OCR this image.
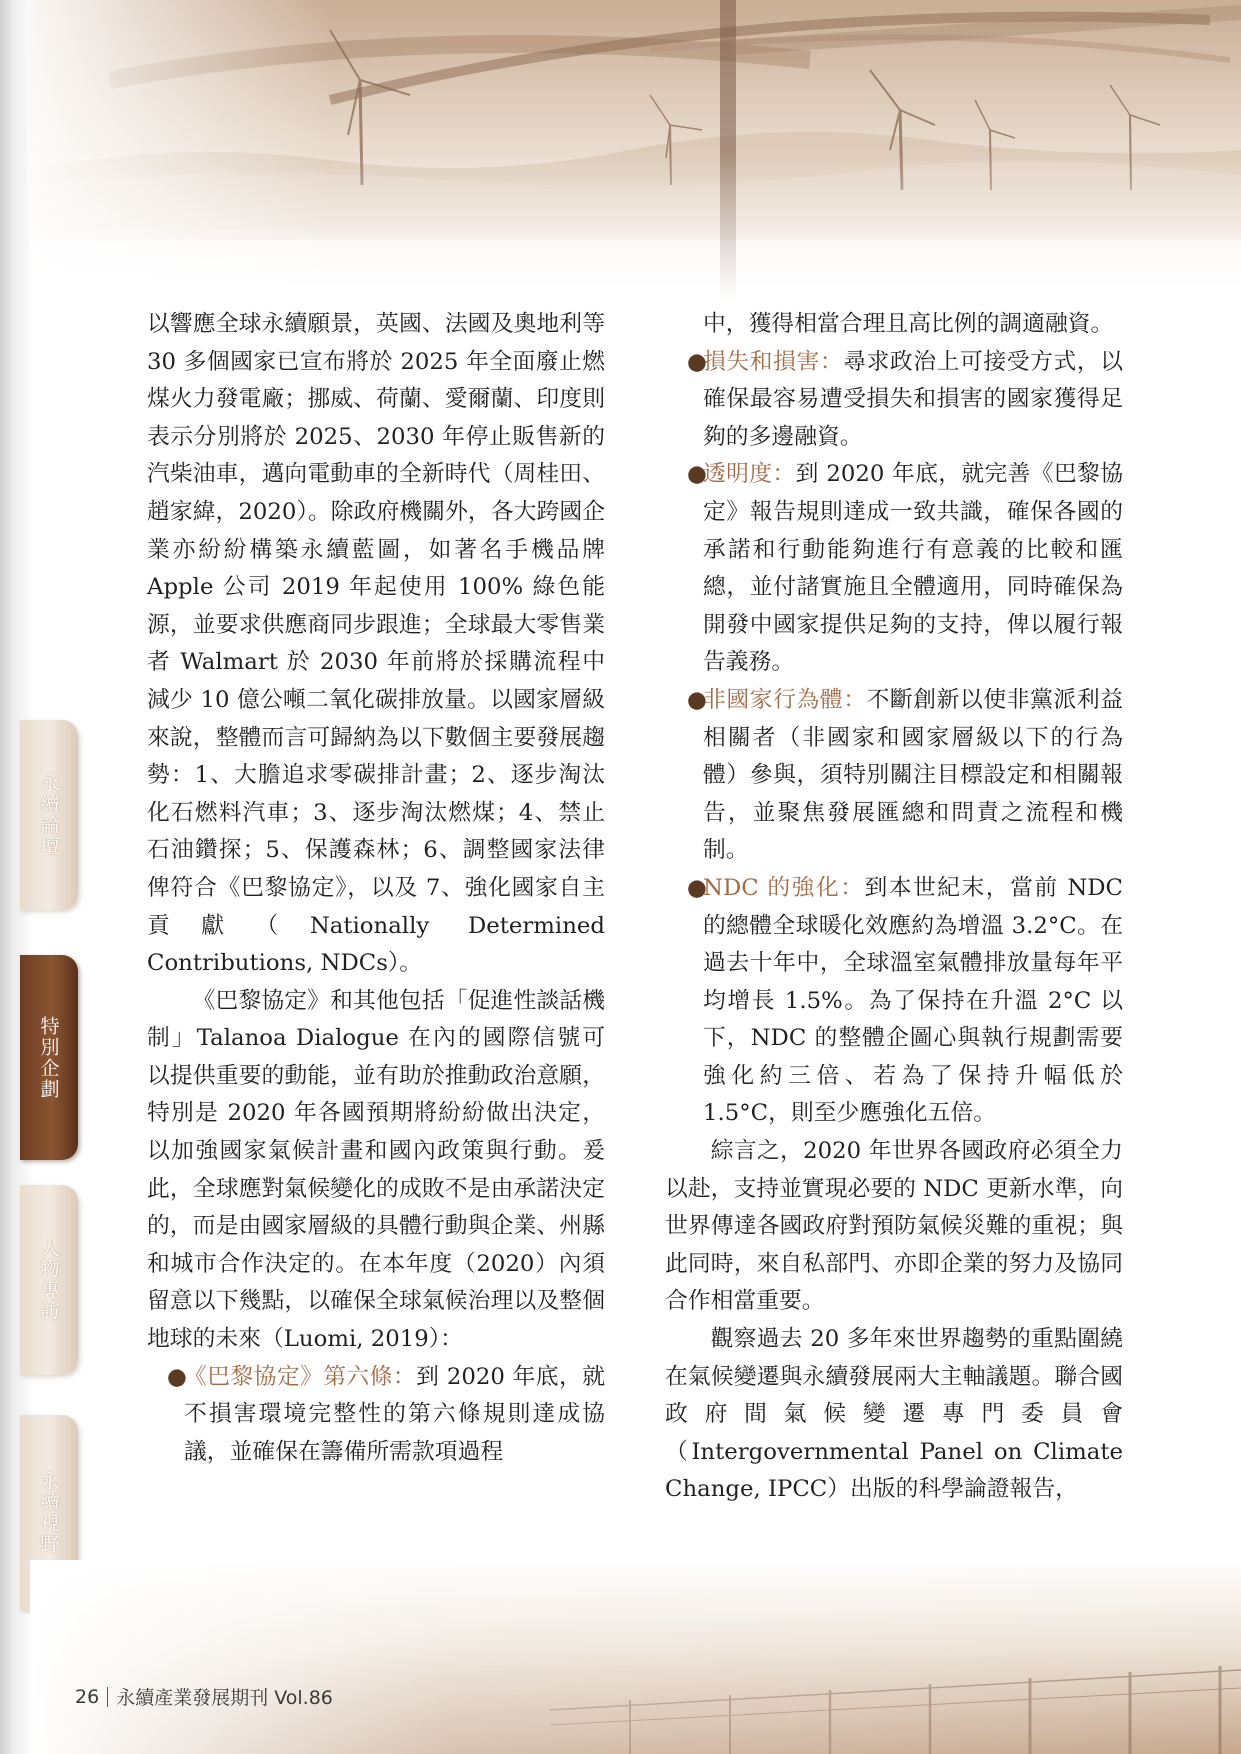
永續論壇
特別企劃
人物專訪
永續視野

以響應全球永續願景，英國、法國及奧地利等 30 多個國家已宣布將於 2025 年全面廢止燃煤火力發電廠；挪威、荷蘭、愛爾蘭、印度則表示分別將於 2025、2030 年停止販售新的汽柴油車，邁向電動車的全新時代（周桂田、趙家緯，2020）。除政府機關外，各大跨國企業亦紛紛構築永續藍圖，如著名手機品牌 Apple 公司 2019 年起使用 100% 綠色能源，並要求供應商同步跟進；全球最大零售業者 Walmart 於 2030 年前將於採購流程中減少 10 億公噸二氧化碳排放量。以國家層級來說，整體而言可歸納為以下數個主要發展趨勢：1、大膽追求零碳排計畫；2、逐步淘汰化石燃料汽車；3、逐步淘汰燃煤；4、禁止石油鑽探；5、保護森林；6、調整國家法律俾符合《巴黎協定》，以及 7、強化國家自主貢獻（Nationally Determined Contributions, NDCs）。

《巴黎協定》和其他包括「促進性談話機制」Talanoa Dialogue 在內的國際信號可以提供重要的動能，並有助於推動政治意願，特別是 2020 年各國預期將紛紛做出決定，以加強國家氣候計畫和國內政策與行動。爰此，全球應對氣候變化的成敗不是由承諾決定的，而是由國家層級的具體行動與企業、州縣和城市合作決定的。在本年度（2020）內須留意以下幾點，以確保全球氣候治理以及整個地球的未來（Luomi, 2019）：

●
《巴黎協定》第六條：到 2020 年底，就不損害環境完整性的第六條規則達成協議，並確保在籌備所需款項過程

中，獲得相當合理且高比例的調適融資。

●
損失和損害：尋求政治上可接受方式，以確保最容易遭受損失和損害的國家獲得足夠的多邊融資。

●
透明度：到 2020 年底，就完善《巴黎協定》報告規則達成一致共識，確保各國的承諾和行動能夠進行有意義的比較和匯總，並付諸實施且全體適用，同時確保為開發中國家提供足夠的支持，俾以履行報告義務。

●
非國家行為體：不斷創新以使非黨派利益相關者（非國家和國家層級以下的行為體）參與，須特別關注目標設定和相關報告，並聚焦發展匯總和問責之流程和機制。

●
NDC 的強化：到本世紀末，當前 NDC 的總體全球暖化效應約為增溫 3.2°C。在過去十年中，全球溫室氣體排放量每年平均增長 1.5%。為了保持在升溫 2°C 以下，NDC 的整體企圖心與執行規劃需要強化約三倍、若為了保持升幅低於 1.5°C，則至少應強化五倍。

綜言之，2020 年世界各國政府必須全力以赴，支持並實現必要的 NDC 更新水準，向世界傳達各國政府對預防氣候災難的重視；與此同時，來自私部門、亦即企業的努力及協同合作相當重要。

觀察過去 20 多年來世界趨勢的重點圍繞在氣候變遷與永續發展兩大主軸議題。聯合國政府間氣候變遷專門委員會（Intergovernmental Panel on Climate Change, IPCC）出版的科學論證報告，

26 永續產業發展期刊 Vol.86
